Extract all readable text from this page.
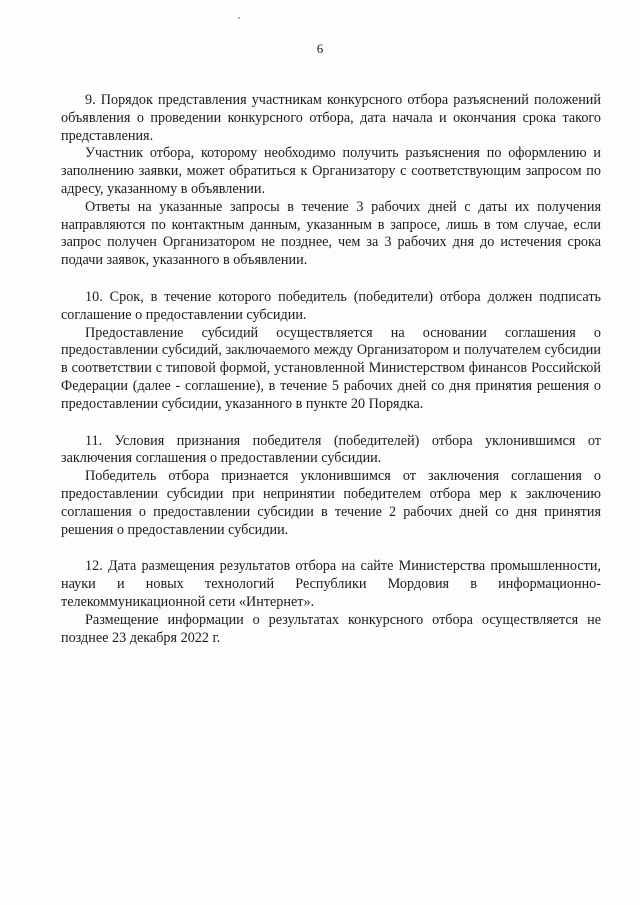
6

9. Порядок представления участникам конкурсного отбора разъяснений положений объявления о проведении конкурсного отбора, дата начала и окончания срока такого представления.

Участник отбора, которому необходимо получить разъяснения по оформлению и заполнению заявки, может обратиться к Организатору с соответствующим запросом по адресу, указанному в объявлении.

Ответы на указанные запросы в течение 3 рабочих дней с даты их получения направляются по контактным данным, указанным в запросе, лишь в том случае, если запрос получен Организатором не позднее, чем за 3 рабочих дня до истечения срока подачи заявок, указанного в объявлении.

10. Срок, в течение которого победитель (победители) отбора должен подписать соглашение о предоставлении субсидии.

Предоставление субсидий осуществляется на основании соглашения о предоставлении субсидий, заключаемого между Организатором и получателем субсидии в соответствии с типовой формой, установленной Министерством финансов Российской Федерации (далее - соглашение), в течение 5 рабочих дней со дня принятия решения о предоставлении субсидии, указанного в пункте 20 Порядка.

11. Условия признания победителя (победителей) отбора уклонившимся от заключения соглашения о предоставлении субсидии.

Победитель отбора признается уклонившимся от заключения соглашения о предоставлении субсидии при непринятии победителем отбора мер к заключению соглашения о предоставлении субсидии в течение 2 рабочих дней со дня принятия решения о предоставлении субсидии.

12. Дата размещения результатов отбора на сайте Министерства промышленности, науки и новых технологий Республики Мордовия в информационно-телекоммуникационной сети «Интернет».

Размещение информации о результатах конкурсного отбора осуществляется не позднее 23 декабря 2022 г.
